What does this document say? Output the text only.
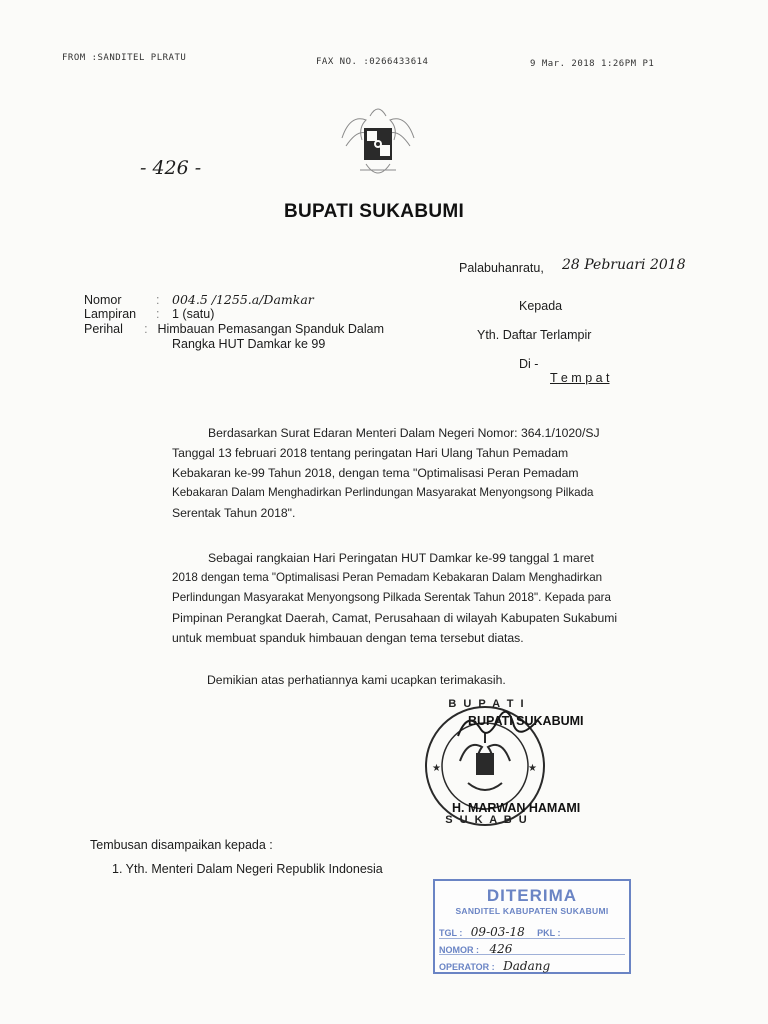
FROM :SANDITEL PLRATU	FAX NO. :0266433614	9 Mar. 2018 1:26PM P1
- 426 -
BUPATI SUKABUMI
Palabuhanratu, 28 Pebruari 2018
Nomor	:	004.5 /1255.a/Damkar
Lampiran	:	1 (satu)
Perihal	: Himbauan Pemasangan Spanduk Dalam
Rangka HUT Damkar ke 99
Kepada
Yth. Daftar Terlampir
Di -
T e m p a t
Berdasarkan Surat Edaran Menteri Dalam Negeri Nomor: 364.1/1020/SJ
Tanggal 13 februari 2018 tentang peringatan Hari Ulang Tahun Pemadam
Kebakaran ke-99 Tahun 2018, dengan tema "Optimalisasi Peran Pemadam
Kebakaran Dalam Menghadirkan Perlindungan Masyarakat Menyongsong Pilkada
Serentak Tahun 2018".
Sebagai rangkaian Hari Peringatan HUT Damkar ke-99 tanggal 1 maret
2018 dengan tema "Optimalisasi Peran Pemadam Kebakaran Dalam Menghadirkan
Perlindungan Masyarakat Menyongsong Pilkada Serentak Tahun 2018". Kepada para
Pimpinan Perangkat Daerah, Camat, Perusahaan di wilayah Kabupaten Sukabumi
untuk membuat spanduk himbauan dengan tema tersebut diatas.
Demikian atas perhatiannya kami ucapkan terimakasih.
★	★
B U P A T I
S U K A B U
BUPATI SUKABUMI
H. MARWAN HAMAMI
Tembusan disampaikan kepada :
1. Yth. Menteri Dalam Negeri Republik Indonesia
DITERIMA
SANDITEL KABUPATEN SUKABUMI
TGL : 09-03-18 PKL :
NOMOR : 426
OPERATOR : Dadang
